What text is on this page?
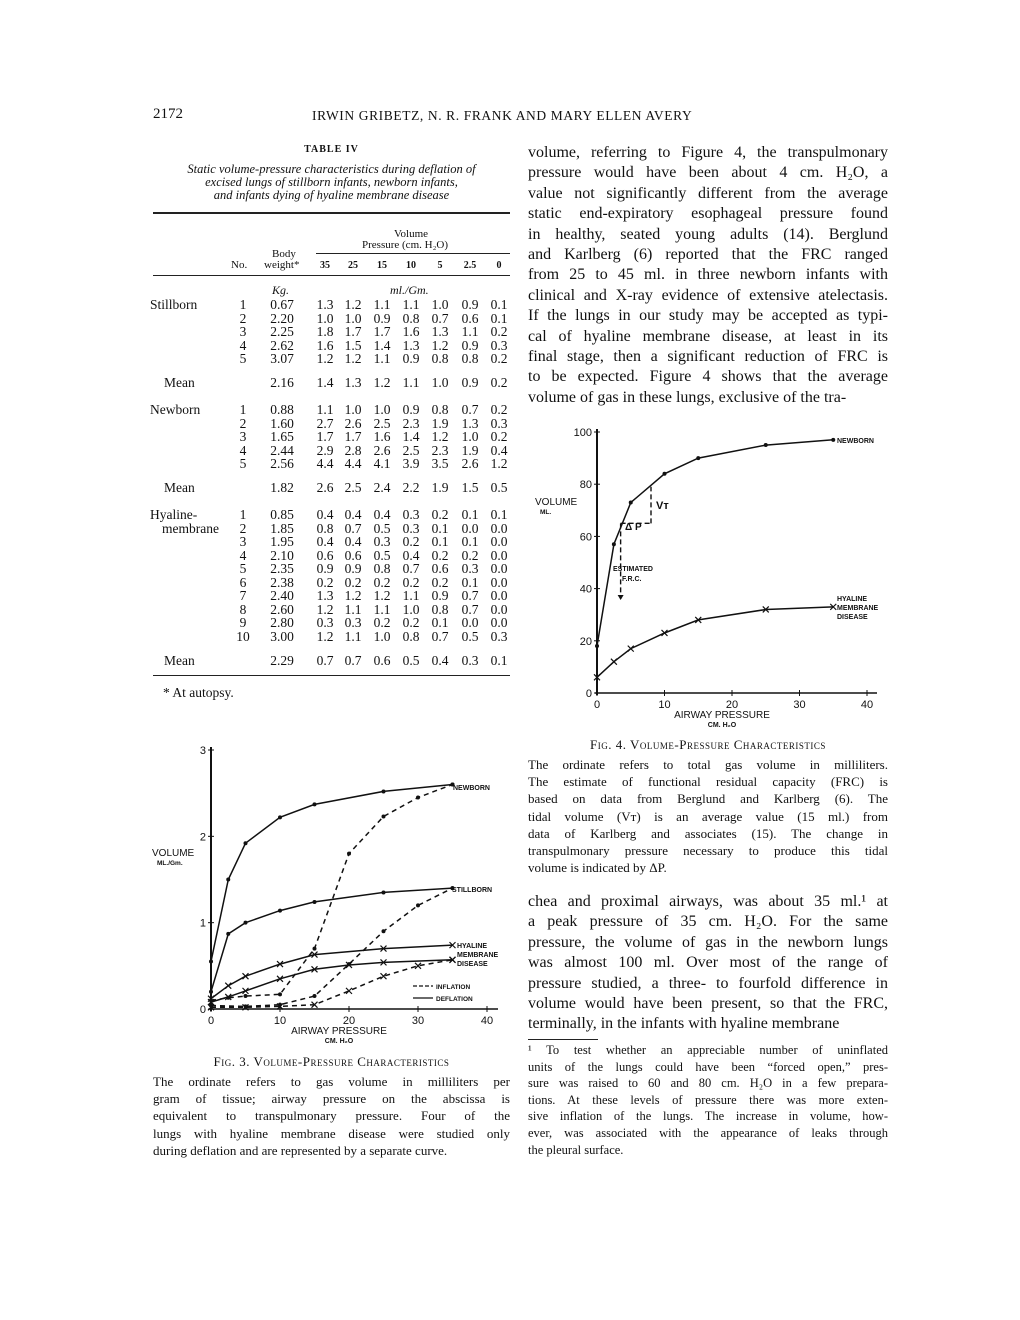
2172	IRWIN GRIBETZ, N. R. FRANK AND MARY ELLEN AVERY
TABLE IV
Static volume-pressure characteristics during deflation of
excised lungs of stillborn infants, newborn infants,
and infants dying of hyaline membrane disease
Volume
Pressure (cm. H₂O)
Body
No. weight*
Kg.	ml./Gm.
* At autopsy.
0	10	20	30	40
0
1
2
3
AIRWAY PRESSURE
CM. H₂O
VOLUME
ML./Gm.
NEWBORN
STILLBORN
HYALINE
MEMBRANE
DISEASE
INFLATION
DEFLATION
Fig. 3. Volume-Pressure Characteristics
The ordinate refers to gas volume in milliliters per
gram of tissue; airway pressure on the abscissa is
equivalent to transpulmonary pressure. Four of the
lungs with hyaline membrane disease were studied only
during deflation and are represented by a separate curve.
volume, referring to Figure 4, the transpulmonary
pressure would have been about 4 cm. H₂O, a
value not significantly different from the average
static end-expiratory esophageal pressure found
in healthy, seated young adults (14). Berglund
and Karlberg (6) reported that the FRC ranged
from 25 to 45 ml. in three newborn infants with
clinical and X-ray evidence of extensive atelectasis.
If the lungs in our study may be accepted as typi-
cal of hyaline membrane disease, at least in its
final stage, then a significant reduction of FRC is
to be expected. Figure 4 shows that the average
volume of gas in these lungs, exclusive of the tra-
0	10	20	30	40
0
20
40
60
80
100
AIRWAY PRESSURE
CM. H₂O
VOLUME
ML.
NEWBORN
HYALINE
MEMBRANE
DISEASE
Vᴛ
Δ P
ESTIMATED
F.R.C.
Fig. 4. Volume-Pressure Characteristics
The ordinate refers to total gas volume in milliliters.
The estimate of functional residual capacity (FRC) is
based on data from Berglund and Karlberg (6). The
tidal volume (Vᴛ) is an average value (15 ml.) from
data of Karlberg and associates (15). The change in
transpulmonary pressure necessary to produce this tidal
volume is indicated by ΔP.
chea and proximal airways, was about 35 ml.¹ at
a peak pressure of 35 cm. H₂O. For the same
pressure, the volume of gas in the newborn lungs
was almost 100 ml. Over most of the range of
pressure studied, a three- to fourfold difference in
volume would have been present, so that the FRC,
terminally, in the infants with hyaline membrane
¹ To test whether an appreciable number of uninflated
units of the lungs could have been “forced open,” pres-
sure was raised to 60 and 80 cm. H₂O in a few prepara-
tions. At these levels of pressure there was more exten-
sive inflation of the lungs. The increase in volume, how-
ever, was associated with the appearance of leaks through
the pleural surface.
35 25 15 10 5 2.5 0
Stillborn	1 0.67 1.3 1.2 1.1 1.1 1.0 0.9 0.1
2 2.20 1.0 1.0 0.9 0.8 0.7 0.6 0.1
3 2.25 1.8 1.7 1.7 1.6 1.3 1.1 0.2
4 2.62 1.6 1.5 1.4 1.3 1.2 0.9 0.3
5 3.07 1.2 1.2 1.1 0.9 0.8 0.8 0.2
Mean	2.16 1.4 1.3 1.2 1.1 1.0 0.9 0.2
Newborn	1 0.88 1.1 1.0 1.0 0.9 0.8 0.7 0.2
2 1.60 2.7 2.6 2.5 2.3 1.9 1.3 0.3
3 1.65 1.7 1.7 1.6 1.4 1.2 1.0 0.2
4 2.44 2.9 2.8 2.6 2.5 2.3 1.9 0.4
5 2.56 4.4 4.4 4.1 3.9 3.5 2.6 1.2
Mean	1.82 2.6 2.5 2.4 2.2 1.9 1.5 0.5
Hyaline-
membrane
1 0.85 0.4 0.4 0.4 0.3 0.2 0.1 0.1
2 1.85 0.8 0.7 0.5 0.3 0.1 0.0 0.0
3 1.95 0.4 0.4 0.3 0.2 0.1 0.1 0.0
4 2.10 0.6 0.6 0.5 0.4 0.2 0.2 0.0
5 2.35 0.9 0.9 0.8 0.7 0.6 0.3 0.0
6 2.38 0.2 0.2 0.2 0.2 0.2 0.1 0.0
7 2.40 1.3 1.2 1.2 1.1 0.9 0.7 0.0
8 2.60 1.2 1.1 1.1 1.0 0.8 0.7 0.0
9 2.80 0.3 0.3 0.2 0.2 0.1 0.0 0.0
10 3.00 1.2 1.1 1.0 0.8 0.7 0.5 0.3
Mean	2.29 0.7 0.7 0.6 0.5 0.4 0.3 0.1
